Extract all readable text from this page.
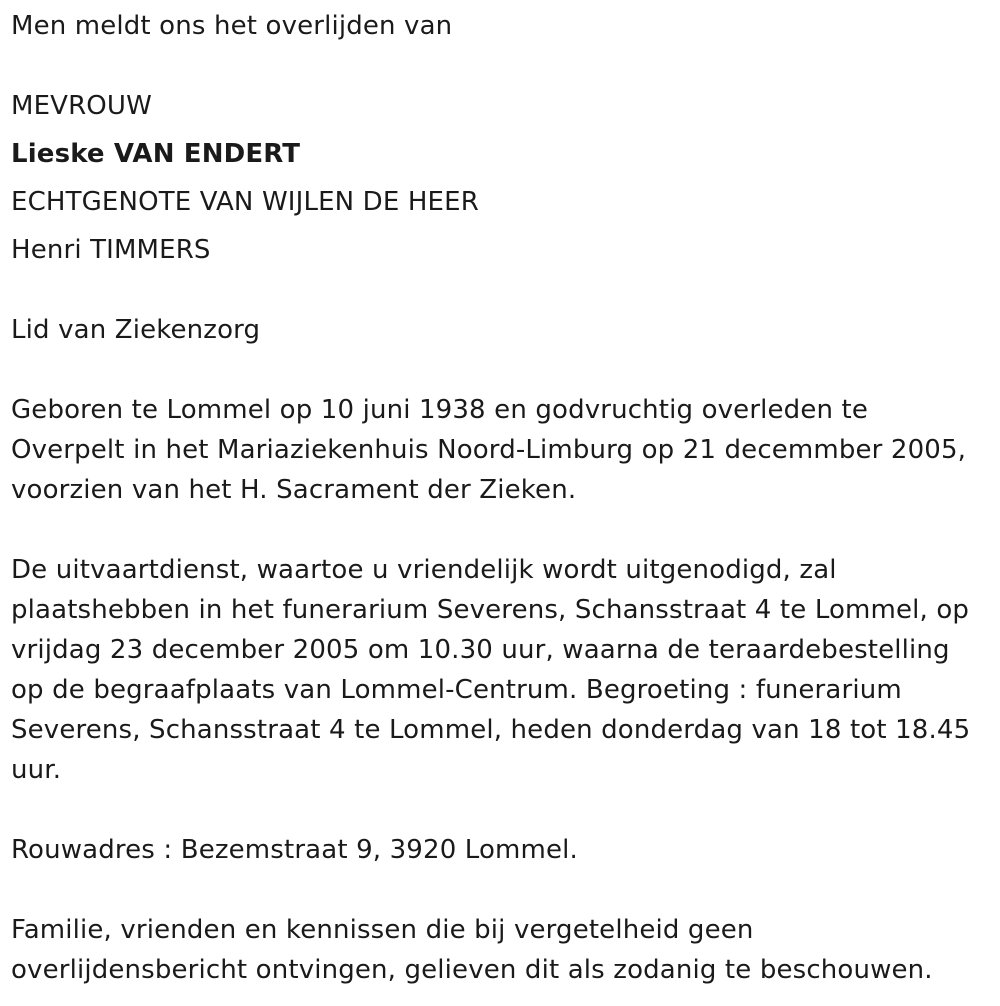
Men meldt ons het overlijden van
MEVROUW
Lieske VAN ENDERT
ECHTGENOTE VAN WIJLEN DE HEER
Henri TIMMERS
Lid van Ziekenzorg
Geboren te Lommel op 10 juni 1938 en godvruchtig overleden te
Overpelt in het Mariaziekenhuis Noord-Limburg op 21 decemmber 2005,
voorzien van het H. Sacrament der Zieken.
De uitvaartdienst, waartoe u vriendelijk wordt uitgenodigd, zal
plaatshebben in het funerarium Severens, Schansstraat 4 te Lommel, op
vrijdag 23 december 2005 om 10.30 uur, waarna de teraardebestelling
op de begraafplaats van Lommel-Centrum. Begroeting : funerarium
Severens, Schansstraat 4 te Lommel, heden donderdag van 18 tot 18.45
uur.
Rouwadres : Bezemstraat 9, 3920 Lommel.
Familie, vrienden en kennissen die bij vergetelheid geen
overlijdensbericht ontvingen, gelieven dit als zodanig te beschouwen.
